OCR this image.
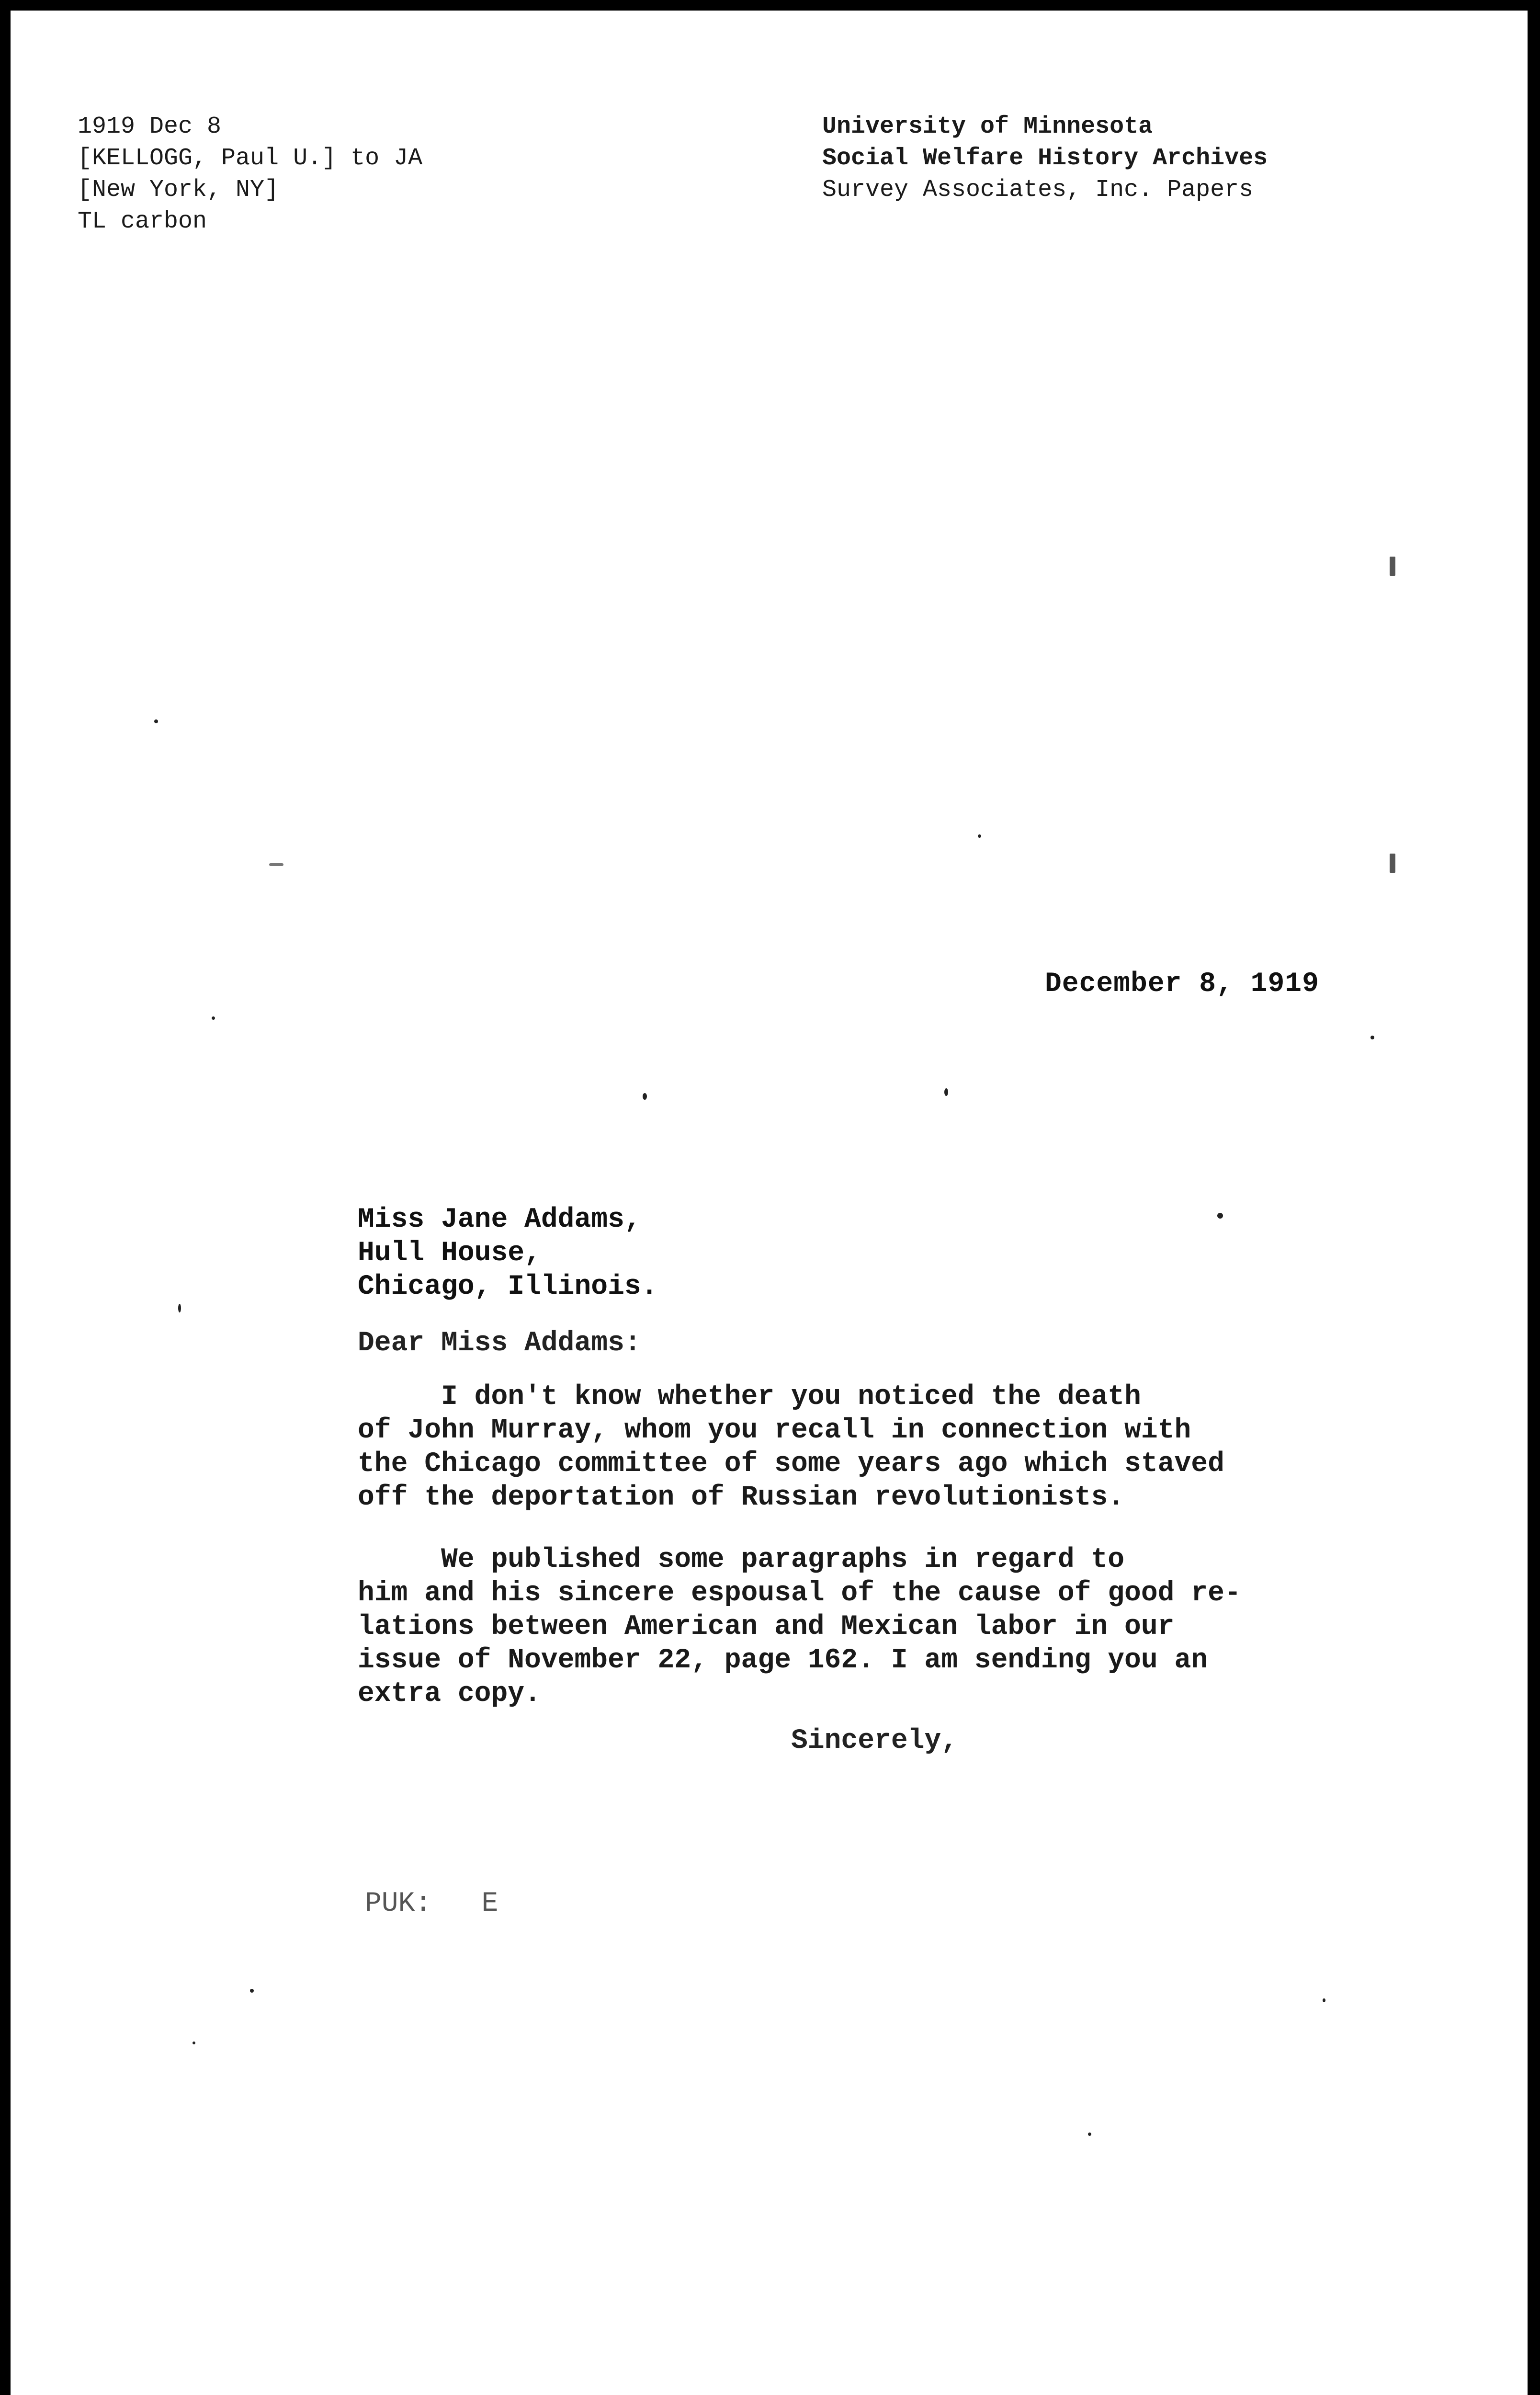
1919 Dec 8
[KELLOGG, Paul U.] to JA
[New York, NY]
TL carbon
University of Minnesota
Social Welfare History Archives
Survey Associates, Inc. Papers
December 8, 1919
Miss Jane Addams,
Hull House,
Chicago, Illinois.
Dear Miss Addams:
I don't know whether you noticed the death
of John Murray, whom you recall in connection with
the Chicago committee of some years ago which staved
off the deportation of Russian revolutionists.
We published some paragraphs in regard to
him and his sincere espousal of the cause of good re-
lations between American and Mexican labor in our
issue of November 22, page 162. I am sending you an
extra copy.
Sincerely,
PUK:   E
